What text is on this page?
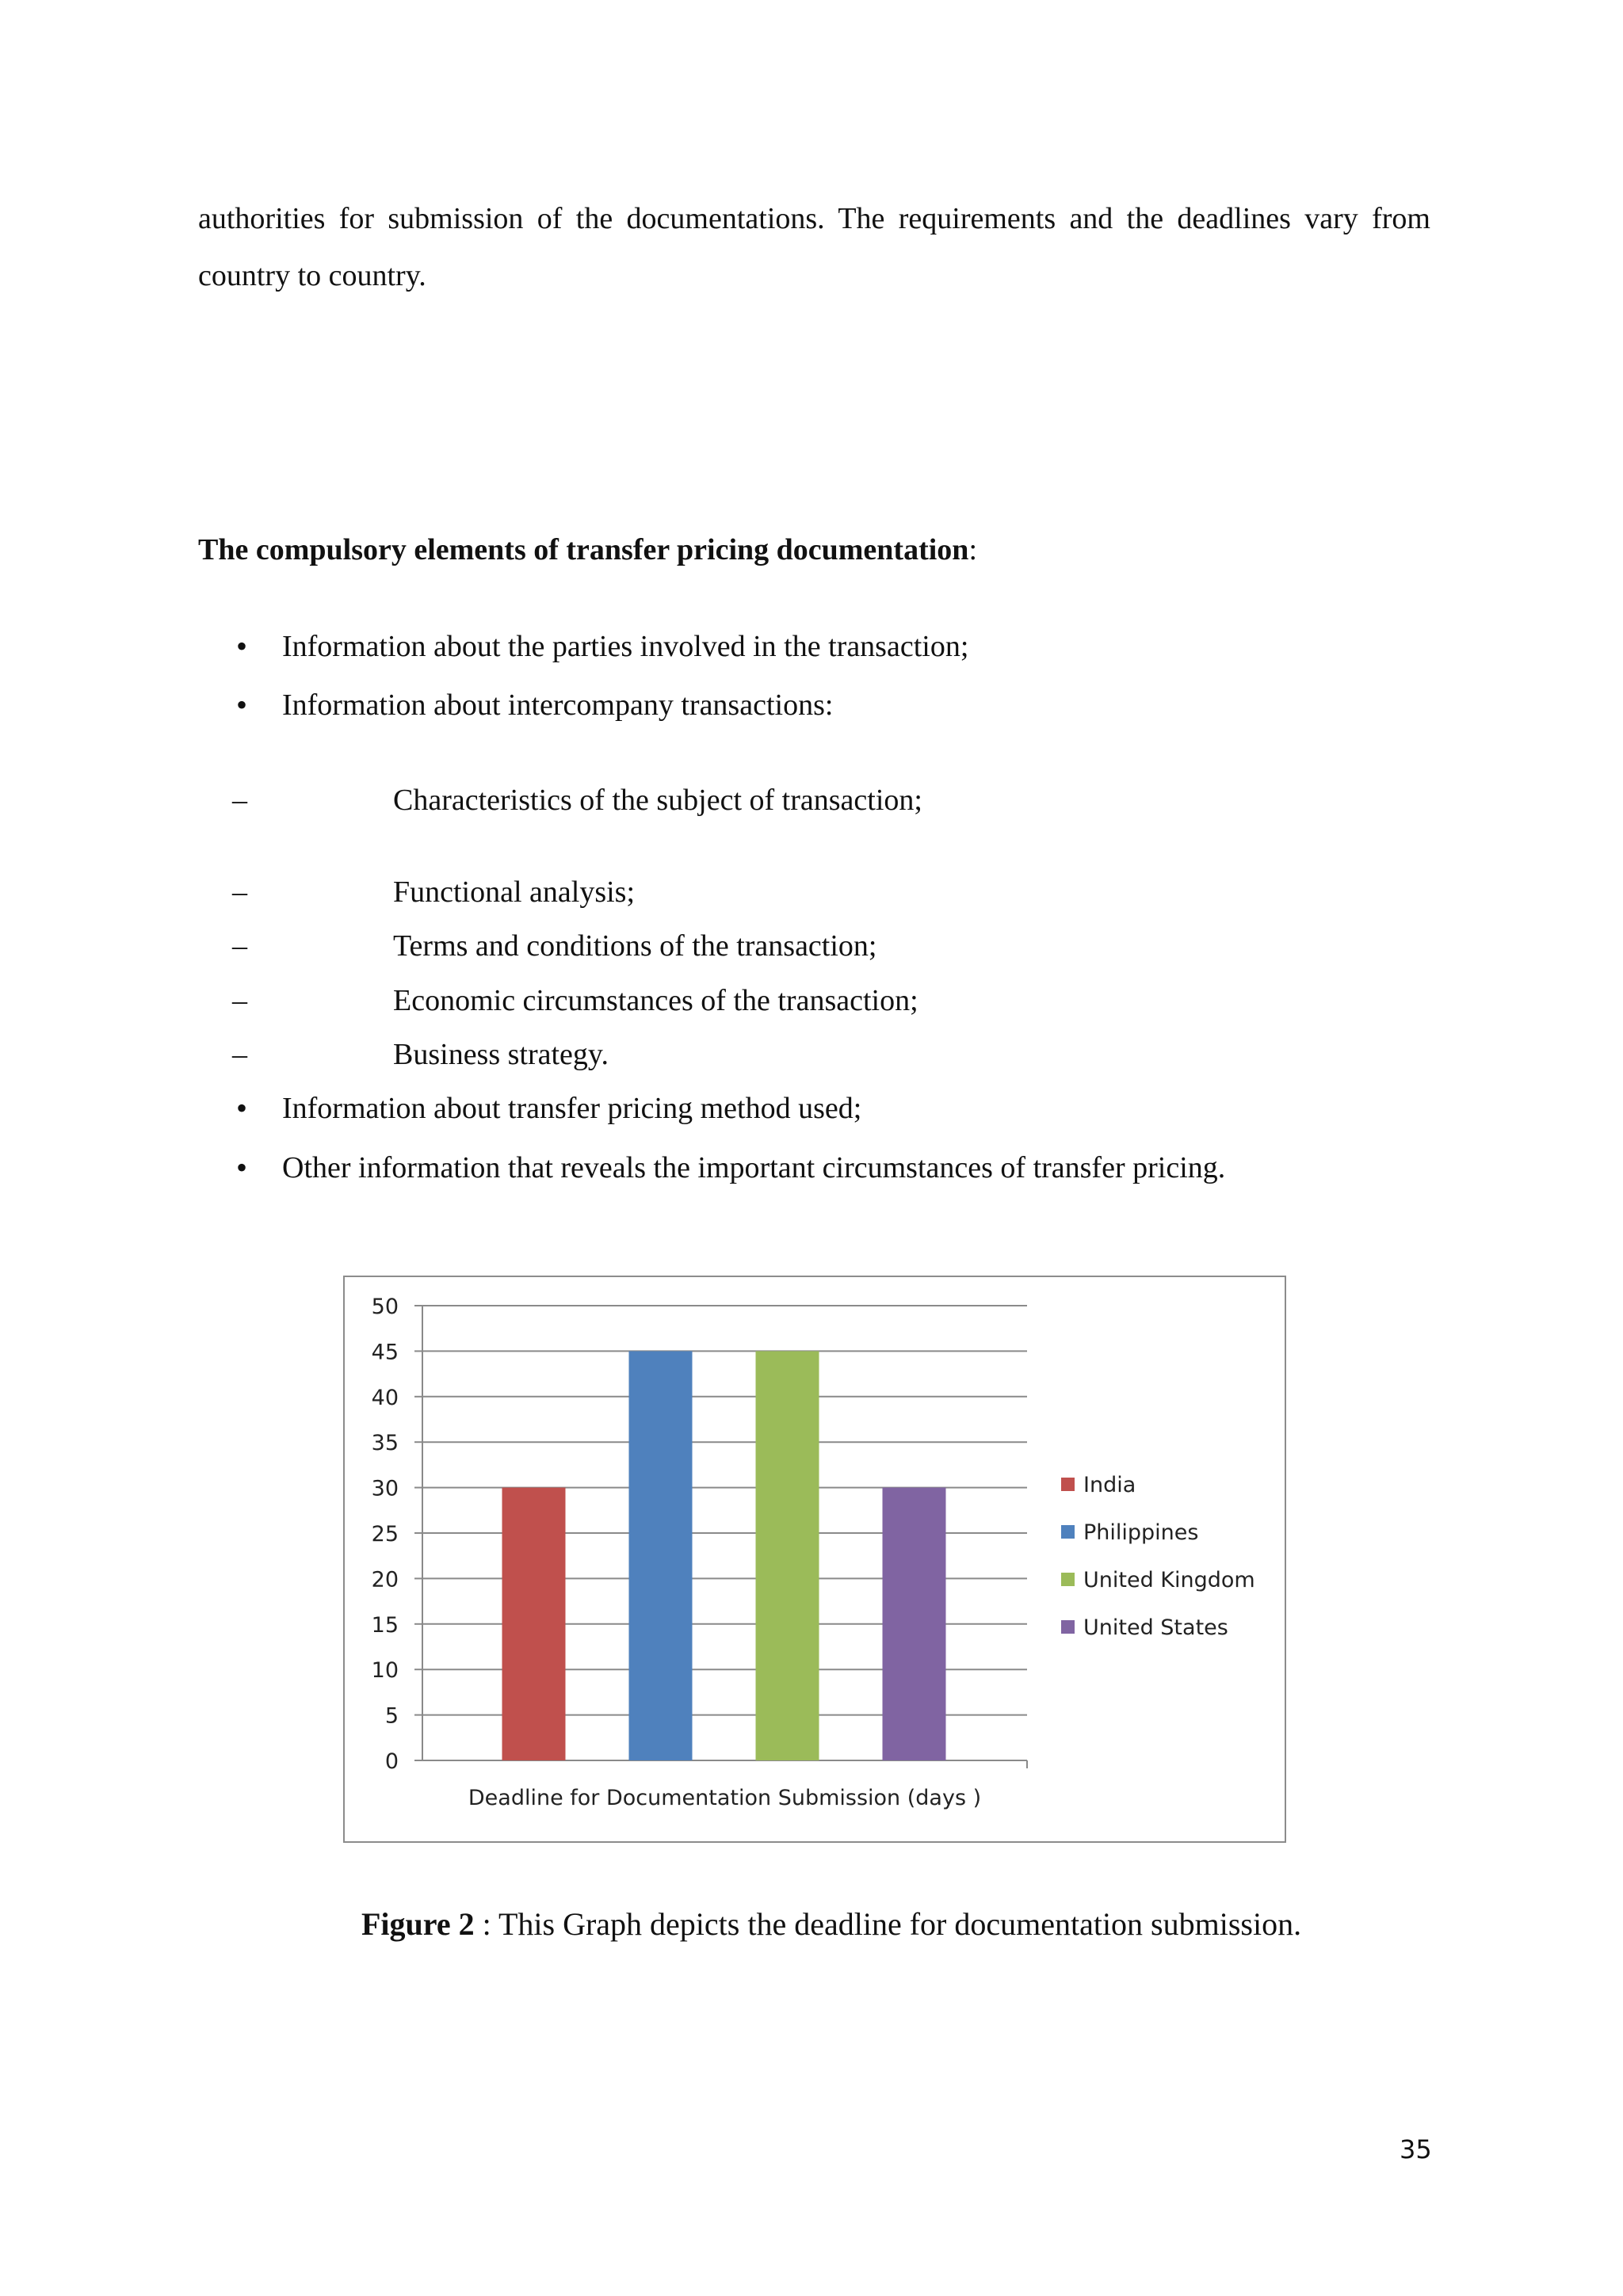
authorities for submission of the documentations. The requirements and the deadlines vary from country to country.
The compulsory elements of transfer pricing documentation:
• Information about the parties involved in the transaction;
• Information about intercompany transactions:
–	Characteristics of the subject of transaction;
–	Functional analysis;
–	Terms and conditions of the transaction;
–	Economic circumstances of the transaction;
–	Business strategy.
• Information about transfer pricing method used;
• Other information that reveals the important circumstances of transfer pricing.
0
5
10
15
20
25
30
35
40
45
50
Deadline for Documentation Submission (days )
India
Philippines
United Kingdom
United States
Figure 2 : This Graph depicts the deadline for documentation submission.
35
